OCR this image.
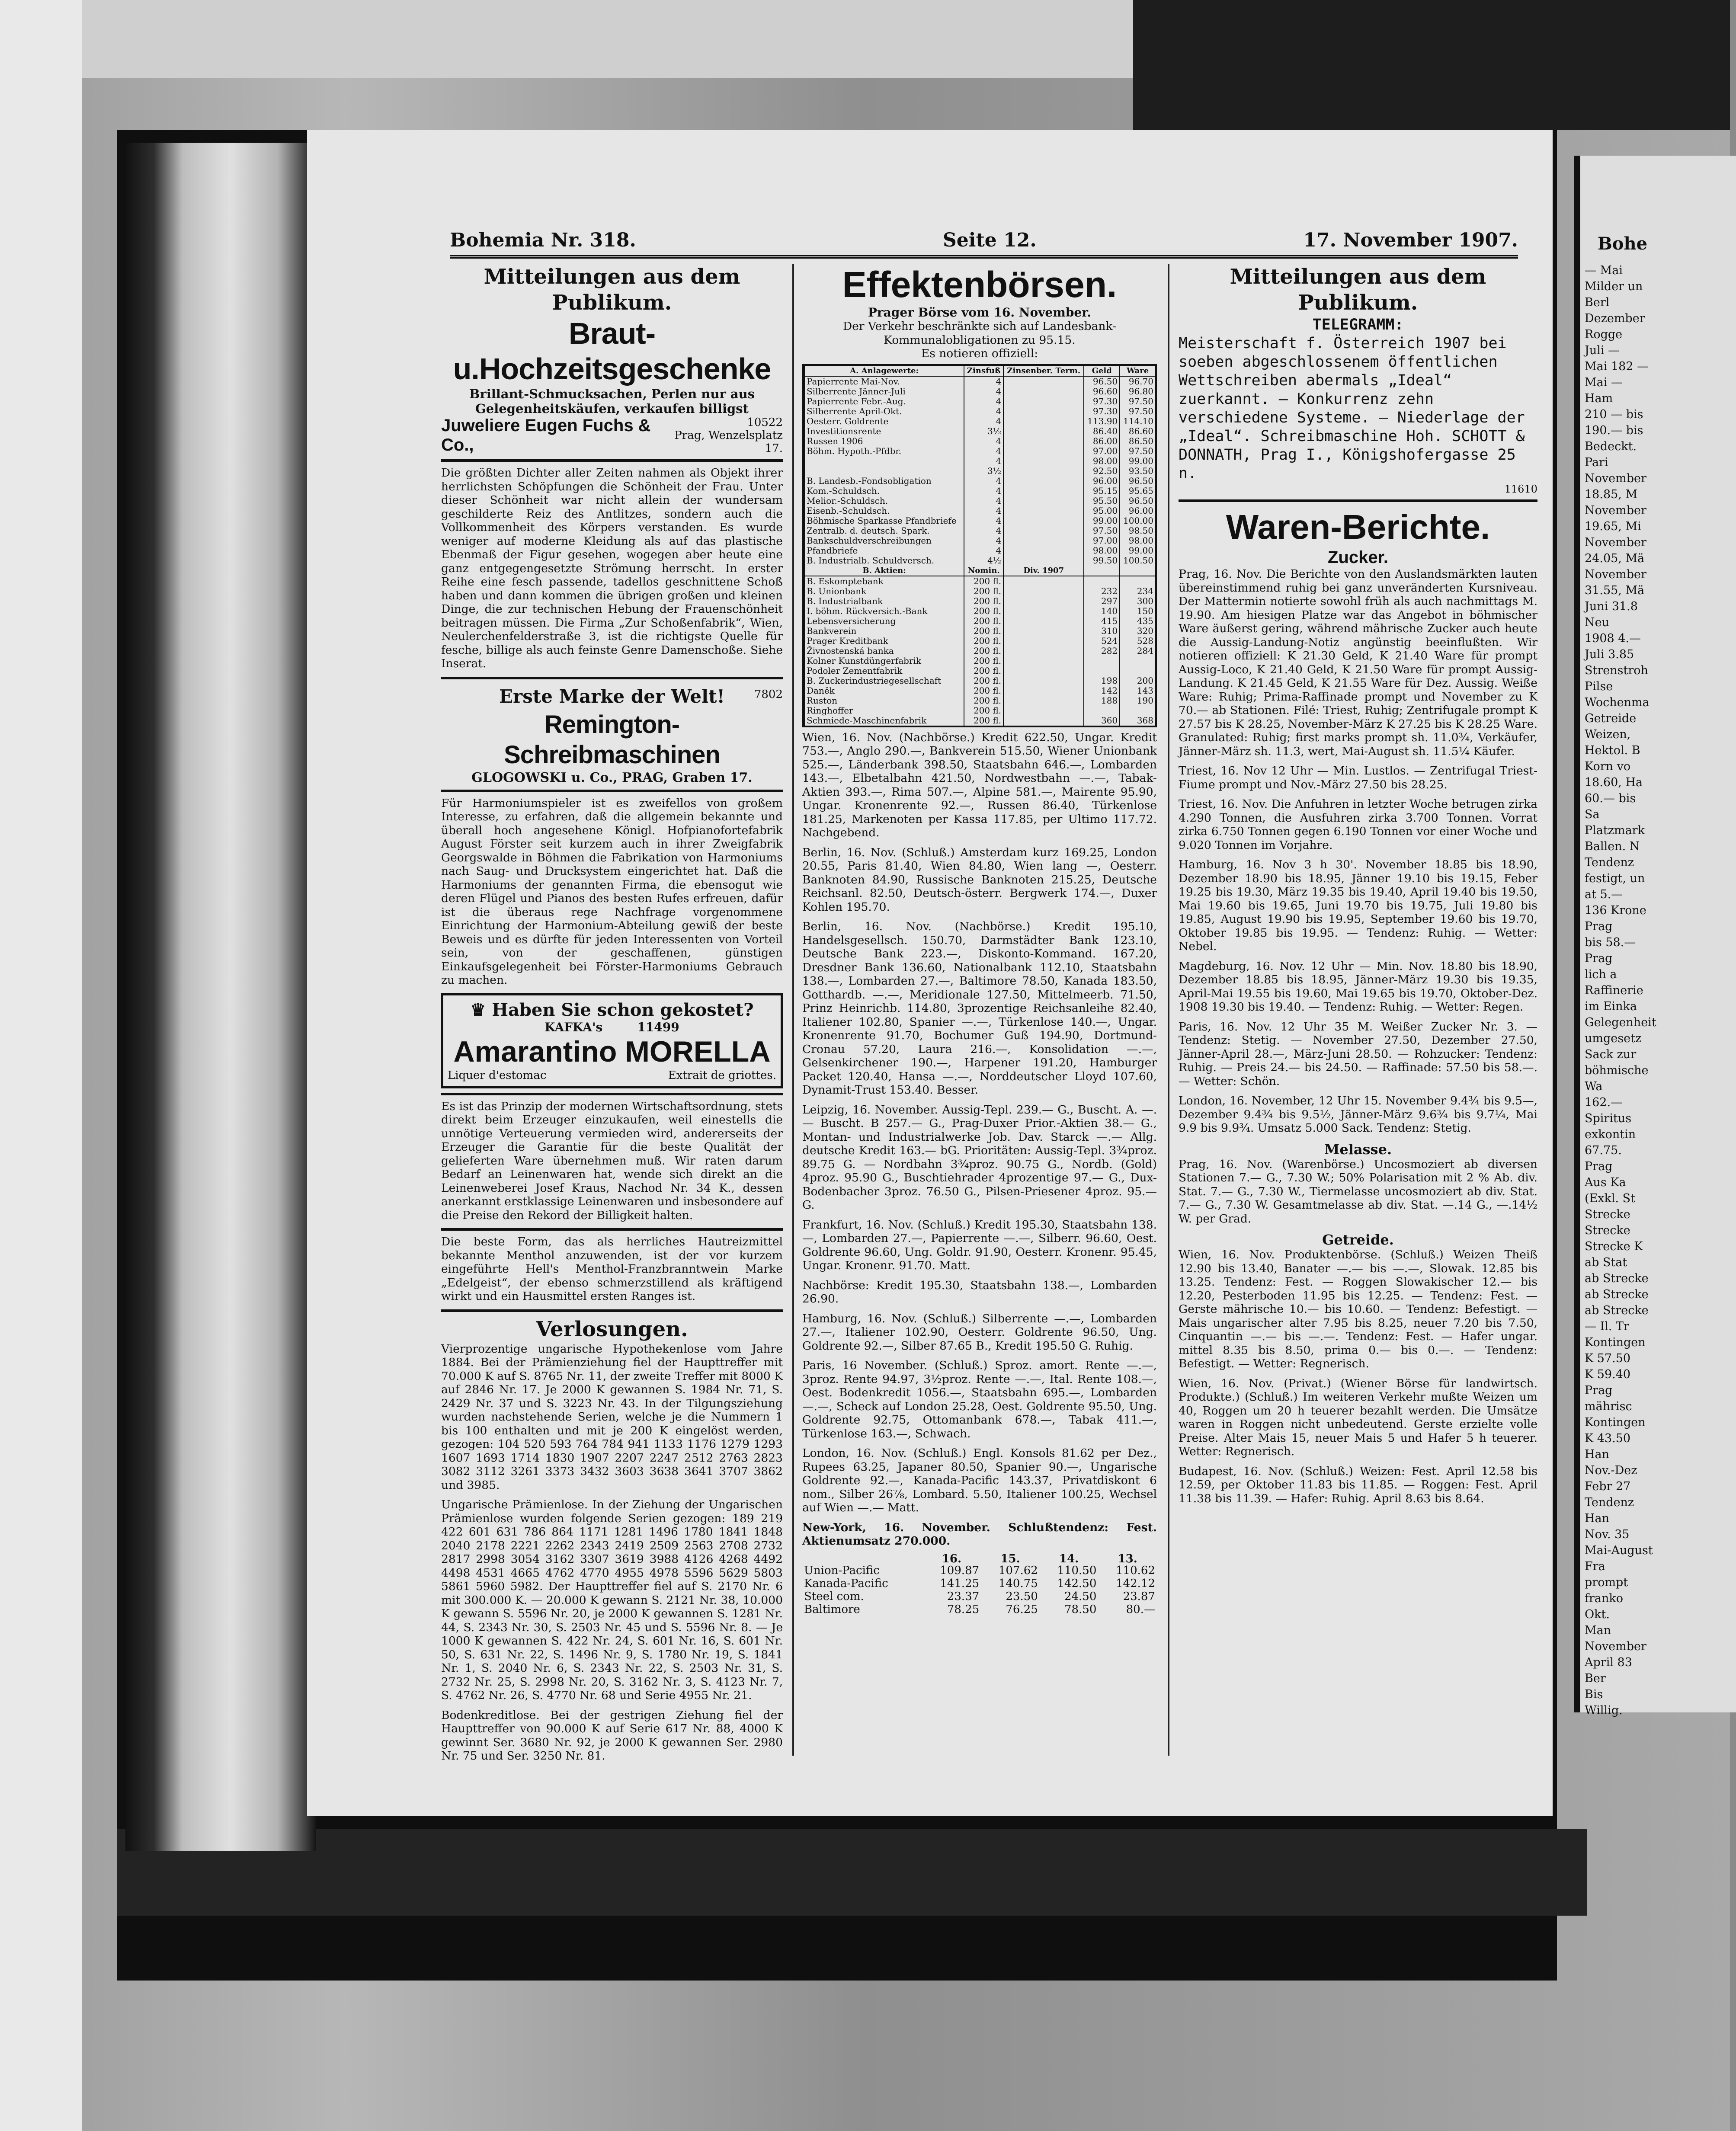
Bohe
— Mai
Milder un
Berl
Dezember
Rogge
Juli —
Mai 182 —
Mai —
Ham
210 — bis
190.— bis
Bedeckt.
Pari
November
18.85, M
November
19.65, Mi
November
24.05, Mä
November
31.55, Mä
Juni 31.8
Neu
1908 4.—
Juli 3.85
Strenstroh
Pilse
Wochenma
Getreide
Weizen,
Hektol. B
Korn vo
18.60, Ha
60.— bis
Sa
Platzmark
Ballen. N
Tendenz
festigt, un
at 5.—
136 Krone
Prag
bis 58.—
Prag
lich a
Raffinerie
im Einka
Gelegenheit
umgesetz
Sack zur
böhmische
Wa
162.—
Spiritus
exkontin
67.75.
Prag
Aus Ka
(Exkl. St
Strecke
Strecke
Strecke K
ab Stat
ab Strecke
ab Strecke
ab Strecke
— Il. Tr
Kontingen
K 57.50
K 59.40
Prag
mährisc
Kontingen
K 43.50
Han
Nov.-Dez
Febr 27
Tendenz
Han
Nov. 35
Mai-August
Fra
prompt
franko
Okt.
Man
November
April 83
Ber
Bis
Willig.
Bohemia Nr. 318.	Seite 12.	17. November 1907.
Mitteilungen aus dem Publikum.
Braut-u.Hochzeitsgeschenke
Brillant-Schmucksachen, Perlen nur aus Gelegenheitskäufen, verkaufen billigst
Juweliere Eugen Fuchs & Co.,
10522
Prag, Wenzelsplatz 17.
Die größten Dichter aller Zeiten nahmen als Objekt ihrer herrlichsten Schöpfungen die Schönheit der Frau. Unter dieser Schönheit war nicht allein der wundersam geschilderte Reiz des Antlitzes, sondern auch die Vollkommenheit des Körpers verstanden. Es wurde weniger auf moderne Kleidung als auf das plastische Ebenmaß der Figur gesehen, wogegen aber heute eine ganz entgegengesetzte Strömung herrscht. In erster Reihe eine fesch passende, tadellos geschnittene Schoß haben und dann kommen die übrigen großen und kleinen Dinge, die zur technischen Hebung der Frauenschönheit beitragen müssen. Die Firma „Zur Schoßenfabrik“, Wien, Neulerchenfelderstraße 3, ist die richtigste Quelle für fesche, billige als auch feinste Genre Damenschoße. Siehe Inserat.
Erste Marke der Welt!	7802
Remington-Schreibmaschinen
GLOGOWSKI u. Co., PRAG, Graben 17.
Für Harmoniumspieler ist es zweifellos von großem Interesse, zu erfahren, daß die allgemein bekannte und überall hoch angesehene Königl. Hofpianofortefabrik August Förster seit kurzem auch in ihrer Zweigfabrik Georgswalde in Böhmen die Fabrikation von Harmoniums nach Saug- und Drucksystem eingerichtet hat. Daß die Harmoniums der genannten Firma, die ebensogut wie deren Flügel und Pianos des besten Rufes erfreuen, dafür ist die überaus rege Nachfrage vorgenommene Einrichtung der Harmonium-Abteilung gewiß der beste Beweis und es dürfte für jeden Interessenten von Vorteil sein, von der geschaffenen, günstigen Einkaufsgelegenheit bei Förster-Harmoniums Gebrauch zu machen.
♛ Haben Sie schon gekostet?
KAFKA's	11499
Amarantino MORELLA
Liquer d'estomac	Extrait de griottes.
Es ist das Prinzip der modernen Wirtschaftsordnung, stets direkt beim Erzeuger einzukaufen, weil einestells die unnötige Verteuerung vermieden wird, andererseits der Erzeuger die Garantie für die beste Qualität der gelieferten Ware übernehmen muß. Wir raten darum Bedarf an Leinenwaren hat, wende sich direkt an die Leinenweberei Josef Kraus, Nachod Nr. 34 K., dessen anerkannt erstklassige Leinenwaren und insbesondere auf die Preise den Rekord der Billigkeit halten.
Die beste Form, das als herrliches Hautreizmittel bekannte Menthol anzuwenden, ist der vor kurzem eingeführte Hell's Menthol-Franzbranntwein Marke „Edelgeist“, der ebenso schmerzstillend als kräftigend wirkt und ein Hausmittel ersten Ranges ist.
Verlosungen.
Vierprozentige ungarische Hypothekenlose vom Jahre 1884. Bei der Prämienziehung fiel der Haupttreffer mit 70.000 K auf S. 8765 Nr. 11, der zweite Treffer mit 8000 K auf 2846 Nr. 17. Je 2000 K gewannen S. 1984 Nr. 71, S. 2429 Nr. 37 und S. 3223 Nr. 43. In der Tilgungsziehung wurden nachstehende Serien, welche je die Nummern 1 bis 100 enthalten und mit je 200 K eingelöst werden, gezogen: 104 520 593 764 784 941 1133 1176 1279 1293 1607 1693 1714 1830 1907 2207 2247 2512 2763 2823 3082 3112 3261 3373 3432 3603 3638 3641 3707 3862 und 3985.
Ungarische Prämienlose. In der Ziehung der Ungarischen Prämienlose wurden folgende Serien gezogen: 189 219 422 601 631 786 864 1171 1281 1496 1780 1841 1848 2040 2178 2221 2262 2343 2419 2509 2563 2708 2732 2817 2998 3054 3162 3307 3619 3988 4126 4268 4492 4498 4531 4665 4762 4770 4955 4978 5596 5629 5803 5861 5960 5982. Der Haupttreffer fiel auf S. 2170 Nr. 6 mit 300.000 K. — 20.000 K gewann S. 2121 Nr. 38, 10.000 K gewann S. 5596 Nr. 20, je 2000 K gewannen S. 1281 Nr. 44, S. 2343 Nr. 30, S. 2503 Nr. 45 und S. 5596 Nr. 8. — Je 1000 K gewannen S. 422 Nr. 24, S. 601 Nr. 16, S. 601 Nr. 50, S. 631 Nr. 22, S. 1496 Nr. 9, S. 1780 Nr. 19, S. 1841 Nr. 1, S. 2040 Nr. 6, S. 2343 Nr. 22, S. 2503 Nr. 31, S. 2732 Nr. 25, S. 2998 Nr. 20, S. 3162 Nr. 3, S. 4123 Nr. 7, S. 4762 Nr. 26, S. 4770 Nr. 68 und Serie 4955 Nr. 21.
Bodenkreditlose. Bei der gestrigen Ziehung fiel der Haupttreffer von 90.000 K auf Serie 617 Nr. 88, 4000 K gewinnt Ser. 3680 Nr. 92, je 2000 K gewannen Ser. 2980 Nr. 75 und Ser. 3250 Nr. 81.
Effektenbörsen.
Prager Börse vom 16. November.
Der Verkehr beschränkte sich auf Landesbank-Kommunalobligationen zu 95.15.
Es notieren offiziell:
A. Anlagewerte:	Zinsfuß	Zinsenber. Term.	Geld	Ware
Papierrente Mai-Nov.	4		96.50	96.70
Silberrente Jänner-Juli	4		96.60	96.80
Papierrente Febr.-Aug.	4		97.30	97.50
Silberrente April-Okt.	4		97.30	97.50
Oesterr. Goldrente	4		113.90	114.10
Investitionsrente	3½		86.40	86.60
Russen 1906	4		86.00	86.50
Böhm. Hypoth.-Pfdbr.	4		97.00	97.50
	4		98.00	99.00
	3½		92.50	93.50
B. Landesb.-Fondsobligation	4		96.00	96.50
Kom.-Schuldsch.	4		95.15	95.65
Melior.-Schuldsch.	4		95.50	96.50
Eisenb.-Schuldsch.	4		95.00	96.00
Böhmische Sparkasse Pfandbriefe	4		99.00	100.00
Zentralb. d. deutsch. Spark.	4		97.50	98.50
Bankschuldverschreibungen	4		97.00	98.00
Pfandbriefe	4		98.00	99.00
B. Industrialb. Schuldversch.	4½		99.50	100.50
B. Aktien:	Nomin.	Div. 1907		
B. Eskomptebank	200 fl.			
B. Unionbank	200 fl.		232	234
B. Industrialbank	200 fl.		297	300
I. böhm. Rückversich.-Bank	200 fl.		140	150
Lebensversicherung	200 fl.		415	435
Bankverein	200 fl.		310	320
Prager Kreditbank	200 fl.		524	528
Živnostenská banka	200 fl.		282	284
Kolner Kunstdüngerfabrik	200 fl.			
Podoler Zementfabrik	200 fl.			
B. Zuckerindustriegesellschaft	200 fl.		198	200
Daněk	200 fl.		142	143
Ruston	200 fl.		188	190
Ringhoffer	200 fl.			
Schmiede-Maschinenfabrik	200 fl.		360	368
Wien, 16. Nov. (Nachbörse.) Kredit 622.50, Ungar. Kredit 753.—, Anglo 290.—, Bankverein 515.50, Wiener Unionbank 525.—, Länderbank 398.50, Staatsbahn 646.—, Lombarden 143.—, Elbetalbahn 421.50, Nordwestbahn —.—, Tabak-Aktien 393.—, Rima 507.—, Alpine 581.—, Mairente 95.90, Ungar. Kronenrente 92.—, Russen 86.40, Türkenlose 181.25, Markenoten per Kassa 117.85, per Ultimo 117.72. Nachgebend.
Berlin, 16. Nov. (Schluß.) Amsterdam kurz 169.25, London 20.55, Paris 81.40, Wien 84.80, Wien lang —, Oesterr. Banknoten 84.90, Russische Banknoten 215.25, Deutsche Reichsanl. 82.50, Deutsch-österr. Bergwerk 174.—, Duxer Kohlen 195.70.
Berlin, 16. Nov. (Nachbörse.) Kredit 195.10, Handelsgesellsch. 150.70, Darmstädter Bank 123.10, Deutsche Bank 223.—, Diskonto-Kommand. 167.20, Dresdner Bank 136.60, Nationalbank 112.10, Staatsbahn 138.—, Lombarden 27.—, Baltimore 78.50, Kanada 183.50, Gotthardb. —.—, Meridionale 127.50, Mittelmeerb. 71.50, Prinz Heinrichb. 114.80, 3prozentige Reichsanleihe 82.40, Italiener 102.80, Spanier —.—, Türkenlose 140.—, Ungar. Kronenrente 91.70, Bochumer Guß 194.90, Dortmund-Cronau 57.20, Laura 216.—, Konsolidation —.—, Gelsenkirchener 190.—, Harpener 191.20, Hamburger Packet 120.40, Hansa —.—, Norddeutscher Lloyd 107.60, Dynamit-Trust 153.40. Besser.
Leipzig, 16. November. Aussig-Tepl. 239.— G., Buscht. A. —.— Buscht. B 257.— G., Prag-Duxer Prior.-Aktien 38.— G., Montan- und Industrialwerke Job. Dav. Starck —.— Allg. deutsche Kredit 163.— bG. Prioritäten: Aussig-Tepl. 3¾proz. 89.75 G. — Nordbahn 3¾proz. 90.75 G., Nordb. (Gold) 4proz. 95.90 G., Buschtiehrader 4prozentige 97.— G., Dux-Bodenbacher 3proz. 76.50 G., Pilsen-Priesener 4proz. 95.— G.
Frankfurt, 16. Nov. (Schluß.) Kredit 195.30, Staatsbahn 138.—, Lombarden 27.—, Papierrente —.—, Silberr. 96.60, Oest. Goldrente 96.60, Ung. Goldr. 91.90, Oesterr. Kronenr. 95.45, Ungar. Kronenr. 91.70. Matt.
Nachbörse: Kredit 195.30, Staatsbahn 138.—, Lombarden 26.90.
Hamburg, 16. Nov. (Schluß.) Silberrente —.—, Lombarden 27.—, Italiener 102.90, Oesterr. Goldrente 96.50, Ung. Goldrente 92.—, Silber 87.65 B., Kredit 195.50 G. Ruhig.
Paris, 16 November. (Schluß.) Sproz. amort. Rente —.—, 3proz. Rente 94.97, 3½proz. Rente —.—, Ital. Rente 108.—, Oest. Bodenkredit 1056.—, Staatsbahn 695.—, Lombarden —.—, Scheck auf London 25.28, Oest. Goldrente 95.50, Ung. Goldrente 92.75, Ottomanbank 678.—, Tabak 411.—, Türkenlose 163.—, Schwach.
London, 16. Nov. (Schluß.) Engl. Konsols 81.62 per Dez., Rupees 63.25, Japaner 80.50, Spanier 90.—, Ungarische Goldrente 92.—, Kanada-Pacific 143.37, Privatdiskont 6 nom., Silber 26⅞, Lombard. 5.50, Italiener 100.25, Wechsel auf Wien —.— Matt.
New-York, 16. November. Schlußtendenz: Fest. Aktienumsatz 270.000.
	16.	15.	14.	13.
Union-Pacific	109.87	107.62	110.50	110.62
Kanada-Pacific	141.25	140.75	142.50	142.12
Steel com.	23.37	23.50	24.50	23.87
Baltimore	78.25	76.25	78.50	80.—
Mitteilungen aus dem Publikum.
TELEGRAMM:
Meisterschaft f. Österreich 1907 bei soeben abgeschlossenem öffentlichen Wettschreiben abermals „Ideal“ zuerkannt. — Konkurrenz zehn verschiedene Systeme. — Niederlage der „Ideal“. Schreibmaschine Hoh. SCHOTT & DONNATH, Prag I., Königshofergasse 25 n.
11610
Waren-Berichte.
Zucker.
Prag, 16. Nov. Die Berichte von den Auslandsmärkten lauten übereinstimmend ruhig bei ganz unveränderten Kursniveau. Der Mattermin notierte sowohl früh als auch nachmittags M. 19.90. Am hiesigen Platze war das Angebot in böhmischer Ware äußerst gering, während mährische Zucker auch heute die Aussig-Landung-Notiz angünstig beeinflußten. Wir notieren offiziell: K 21.30 Geld, K 21.40 Ware für prompt Aussig-Loco, K 21.40 Geld, K 21.50 Ware für prompt Aussig-Landung. K 21.45 Geld, K 21.55 Ware für Dez. Aussig. Weiße Ware: Ruhig; Prima-Raffinade prompt und November zu K 70.— ab Stationen. Filé: Triest, Ruhig; Zentrifugale prompt K 27.57 bis K 28.25, November-März K 27.25 bis K 28.25 Ware. Granulated: Ruhig; first marks prompt sh. 11.0¾, Verkäufer, Jänner-März sh. 11.3, wert, Mai-August sh. 11.5¼ Käufer.
Triest, 16. Nov 12 Uhr — Min. Lustlos. — Zentrifugal Triest-Fiume prompt und Nov.-März 27.50 bis 28.25.
Triest, 16. Nov. Die Anfuhren in letzter Woche betrugen zirka 4.290 Tonnen, die Ausfuhren zirka 3.700 Tonnen. Vorrat zirka 6.750 Tonnen gegen 6.190 Tonnen vor einer Woche und 9.020 Tonnen im Vorjahre.
Hamburg, 16. Nov 3 h 30'. November 18.85 bis 18.90, Dezember 18.90 bis 18.95, Jänner 19.10 bis 19.15, Feber 19.25 bis 19.30, März 19.35 bis 19.40, April 19.40 bis 19.50, Mai 19.60 bis 19.65, Juni 19.70 bis 19.75, Juli 19.80 bis 19.85, August 19.90 bis 19.95, September 19.60 bis 19.70, Oktober 19.85 bis 19.95. — Tendenz: Ruhig. — Wetter: Nebel.
Magdeburg, 16. Nov. 12 Uhr — Min. Nov. 18.80 bis 18.90, Dezember 18.85 bis 18.95, Jänner-März 19.30 bis 19.35, April-Mai 19.55 bis 19.60, Mai 19.65 bis 19.70, Oktober-Dez. 1908 19.30 bis 19.40. — Tendenz: Ruhig. — Wetter: Regen.
Paris, 16. Nov. 12 Uhr 35 M. Weißer Zucker Nr. 3. — Tendenz: Stetig. — November 27.50, Dezember 27.50, Jänner-April 28.—, März-Juni 28.50. — Rohzucker: Tendenz: Ruhig. — Preis 24.— bis 24.50. — Raffinade: 57.50 bis 58.—. — Wetter: Schön.
London, 16. November, 12 Uhr 15. November 9.4¾ bis 9.5—, Dezember 9.4¾ bis 9.5½, Jänner-März 9.6¾ bis 9.7¼, Mai 9.9 bis 9.9¾. Umsatz 5.000 Sack. Tendenz: Stetig.
Melasse.
Prag, 16. Nov. (Warenbörse.) Uncosmoziert ab diversen Stationen 7.— G., 7.30 W.; 50% Polarisation mit 2 % Ab. div. Stat. 7.— G., 7.30 W., Tiermelasse uncosmoziert ab div. Stat. 7.— G., 7.30 W. Gesamtmelasse ab div. Stat. —.14 G., —.14½ W. per Grad.
Getreide.
Wien, 16. Nov. Produktenbörse. (Schluß.) Weizen Theiß 12.90 bis 13.40, Banater —.— bis —.—, Slowak. 12.85 bis 13.25. Tendenz: Fest. — Roggen Slowakischer 12.— bis 12.20, Pesterboden 11.95 bis 12.25. — Tendenz: Fest. — Gerste mährische 10.— bis 10.60. — Tendenz: Befestigt. — Mais ungarischer alter 7.95 bis 8.25, neuer 7.20 bis 7.50, Cinquantin —.— bis —.—. Tendenz: Fest. — Hafer ungar. mittel 8.35 bis 8.50, prima 0.— bis 0.—. — Tendenz: Befestigt. — Wetter: Regnerisch.
Wien, 16. Nov. (Privat.) (Wiener Börse für landwirtsch. Produkte.) (Schluß.) Im weiteren Verkehr mußte Weizen um 40, Roggen um 20 h teuerer bezahlt werden. Die Umsätze waren in Roggen nicht unbedeutend. Gerste erzielte volle Preise. Alter Mais 15, neuer Mais 5 und Hafer 5 h teuerer. Wetter: Regnerisch.
Budapest, 16. Nov. (Schluß.) Weizen: Fest. April 12.58 bis 12.59, per Oktober 11.83 bis 11.85. — Roggen: Fest. April 11.38 bis 11.39. — Hafer: Ruhig. April 8.63 bis 8.64.
